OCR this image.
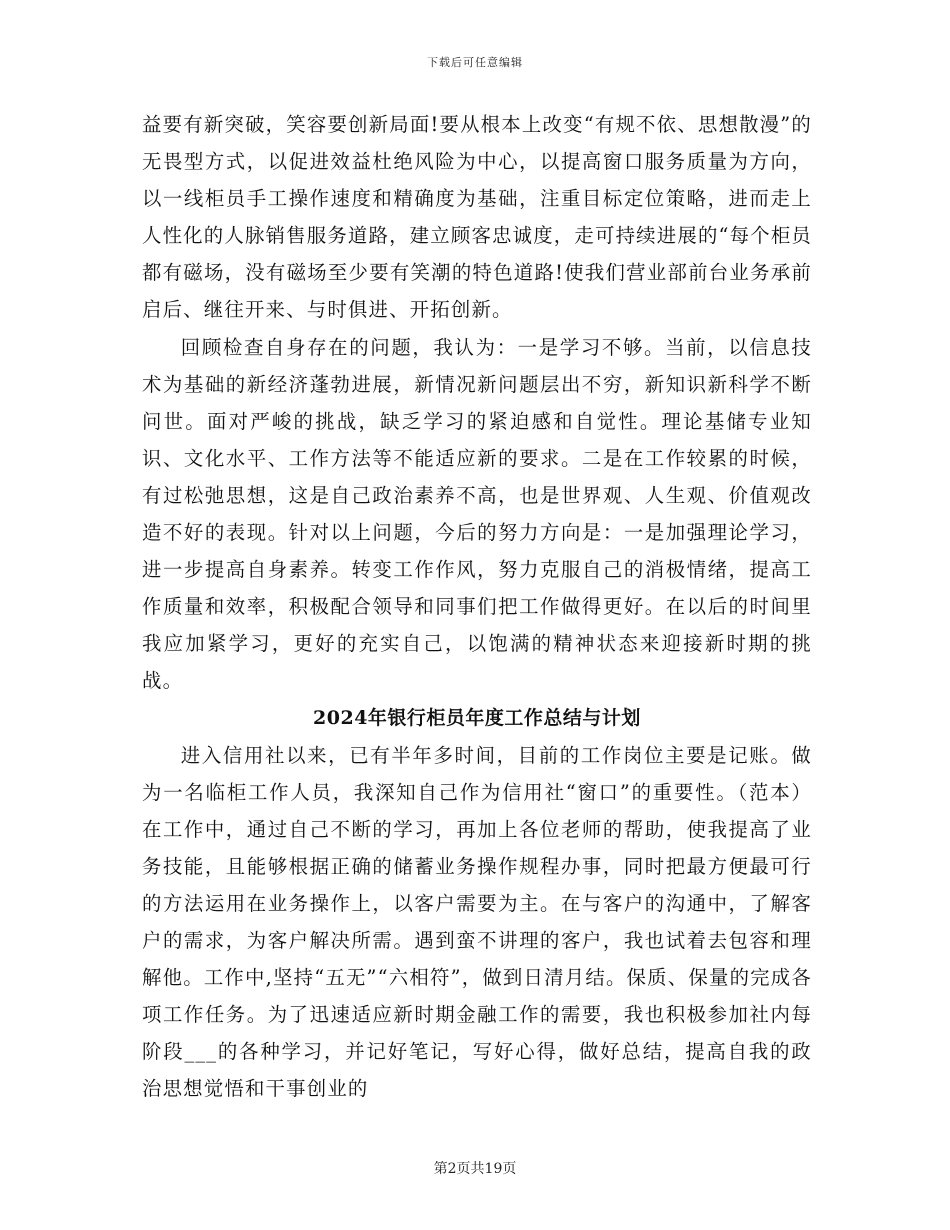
下载后可任意编辑

益要有新突破，笑容要创新局面!要从根本上改变“有规不依、思想散漫”的无畏型方式，以促进效益杜绝风险为中心，以提高窗口服务质量为方向，以一线柜员手工操作速度和精确度为基础，注重目标定位策略，进而走上人性化的人脉销售服务道路，建立顾客忠诚度，走可持续进展的“每个柜员都有磁场，没有磁场至少要有笑潮的特色道路!使我们营业部前台业务承前启后、继往开来、与时俱进、开拓创新。

回顾检查自身存在的问题，我认为：一是学习不够。当前，以信息技术为基础的新经济蓬勃进展，新情况新问题层出不穷，新知识新科学不断问世。面对严峻的挑战，缺乏学习的紧迫感和自觉性。理论基储专业知识、文化水平、工作方法等不能适应新的要求。二是在工作较累的时候，有过松弛思想，这是自己政治素养不高，也是世界观、人生观、价值观改造不好的表现。针对以上问题，今后的努力方向是：一是加强理论学习，进一步提高自身素养。转变工作作风，努力克服自己的消极情绪，提高工作质量和效率，积极配合领导和同事们把工作做得更好。在以后的时间里我应加紧学习，更好的充实自己，以饱满的精神状态来迎接新时期的挑战。

2024年银行柜员年度工作总结与计划

进入信用社以来，已有半年多时间，目前的工作岗位主要是记账。做为一名临柜工作人员，我深知自己作为信用社“窗口”的重要性。（范本）在工作中，通过自己不断的学习，再加上各位老师的帮助，使我提高了业务技能，且能够根据正确的储蓄业务操作规程办事，同时把最方便最可行的方法运用在业务操作上，以客户需要为主。在与客户的沟通中，了解客户的需求，为客户解决所需。遇到蛮不讲理的客户，我也试着去包容和理解他。工作中,坚持“五无”“六相符”，做到日清月结。保质、保量的完成各项工作任务。为了迅速适应新时期金融工作的需要，我也积极参加社内每阶段___的各种学习，并记好笔记，写好心得，做好总结，提高自我的政治思想觉悟和干事创业的

第2页共19页
